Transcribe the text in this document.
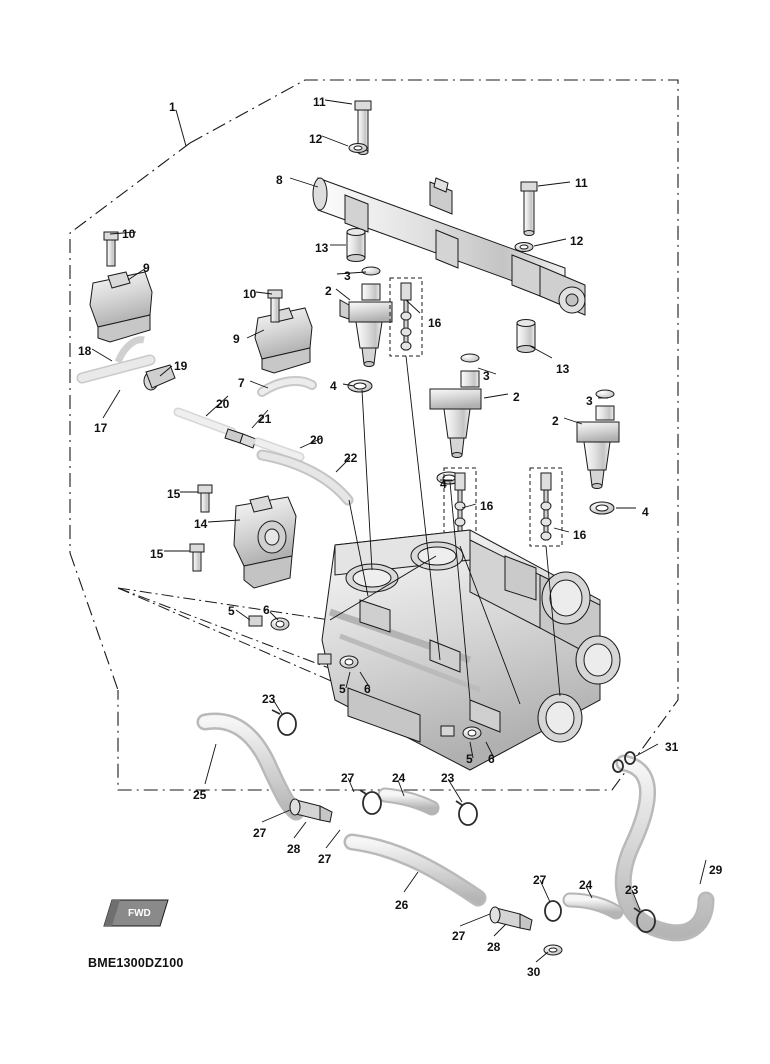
BME1300DZ100
FWD
1	11
12
8	11
13	12
10
9
10	2
3
16
13
9
18
19
4
3
2
7
17
20
21
3
2
20
22
4
16
16
4
15
14
15
5 6
5 6
5 6
23
31
25
27	24	23
27
28
27
26
27	24	23
29
27
28
30
